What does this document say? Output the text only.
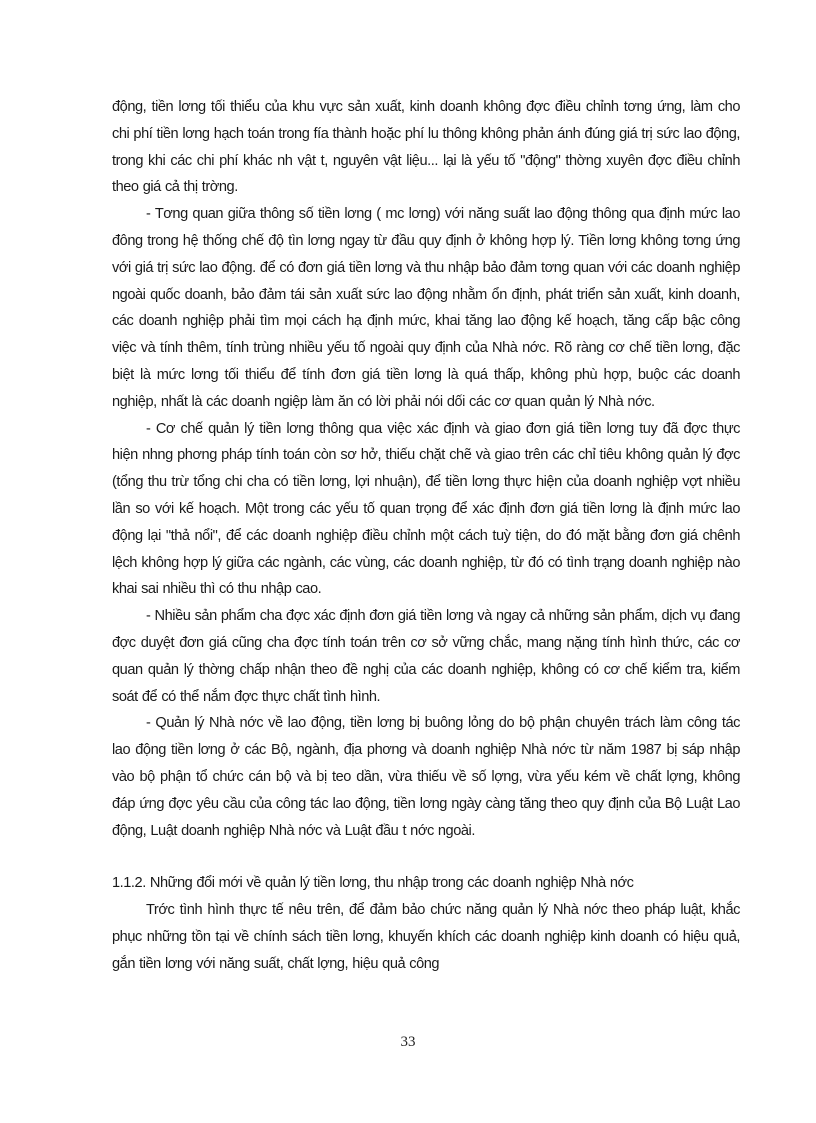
động, tiền lơng tối thiểu của khu vực sản xuất, kinh doanh không đợc điều chỉnh tơng ứng, làm cho chi phí tiền lơng hạch toán trong fía thành hoặc phí lu thông không phản ánh đúng giá trị sức lao động, trong khi các chi phí khác nh vật t, nguyên vật liệu... lại là yếu tố "động" thờng xuyên đợc điều chỉnh theo giá cả thị trờng.

- Tơng quan giữa thông số tiền lơng ( mc lơng) với năng suất lao động thông qua định mức lao đông trong hệ thống chế độ tìn lơng ngay từ đầu quy định ở không hợp lý. Tiền lơng không tơng ứng với giá trị sức lao động. để có đơn giá tiền lơng và thu nhập bảo đảm tơng quan với các doanh nghiệp ngoài quốc doanh, bảo đảm tái sản xuất sức lao động nhằm ổn định, phát triển sản xuất, kinh doanh, các doanh nghiệp phải tìm mọi cách hạ định mức, khai tăng lao động kế hoạch, tăng cấp bậc công việc và tính thêm, tính trùng nhiều yếu tố ngoài quy định của Nhà nớc. Rõ ràng cơ chế tiền lơng, đặc biệt là mức lơng tối thiểu để tính đơn giá tiền lơng là quá thấp, không phù hợp, buộc các doanh nghiệp, nhất là các doanh ngiệp làm ăn có lời phải nói dối các cơ quan quản lý Nhà nớc.

- Cơ chế quản lý tiền lơng thông qua việc xác định và giao đơn giá tiền lơng tuy đã đợc thực hiện nhng phơng pháp tính toán còn sơ hở, thiếu chặt chẽ và giao trên các chỉ tiêu không quản lý đợc (tổng thu trừ tổng chi cha có tiền lơng, lợi nhuận), để tiền lơng thực hiện của doanh nghiệp vợt nhiều lần so với kế hoạch. Một trong các yếu tố quan trọng để xác định đơn giá tiền lơng là định mức lao động lại "thả nổi", để các doanh nghiệp điều chỉnh một cách tuỳ tiện, do đó mặt bằng đơn giá chênh lệch không hợp lý giữa các ngành, các vùng, các doanh nghiệp, từ đó có tình trạng doanh nghiệp nào khai sai nhiều thì có thu nhập cao.

- Nhiều sản phẩm cha đợc xác định đơn giá tiền lơng và ngay cả những sản phẩm, dịch vụ đang đợc duyệt đơn giá cũng cha đợc tính toán trên cơ sở vững chắc, mang nặng tính hình thức, các cơ quan quản lý thờng chấp nhận theo đề nghị của các doanh nghiệp, không có cơ chế kiểm tra, kiểm soát để có thể nắm đợc thực chất tình hình.

- Quản lý Nhà nớc về lao động, tiền lơng bị buông lỏng do bộ phận chuyên trách làm công tác lao động tiền lơng ở các Bộ, ngành, địa phơng và doanh nghiệp Nhà nớc từ năm 1987 bị sáp nhập vào bộ phận tổ chức cán bộ và bị teo dần, vừa thiếu về số lợng, vừa yếu kém về chất lợng, không đáp ứng đợc yêu cầu của công tác lao động, tiền lơng ngày càng tăng theo quy định của Bộ Luật Lao động, Luật doanh nghiệp Nhà nớc và Luật đầu t nớc ngoài.

1.1.2. Những đổi mới về quản lý tiền lơng, thu nhập trong các doanh nghiệp Nhà nớc

Trớc tình hình thực tế nêu trên, để đảm bảo chức năng quản lý Nhà nớc theo pháp luật, khắc phục những tồn tại về chính sách tiền lơng, khuyến khích các doanh nghiệp kinh doanh có hiệu quả, gắn tiền lơng với năng suất, chất lợng, hiệu quả công

33
